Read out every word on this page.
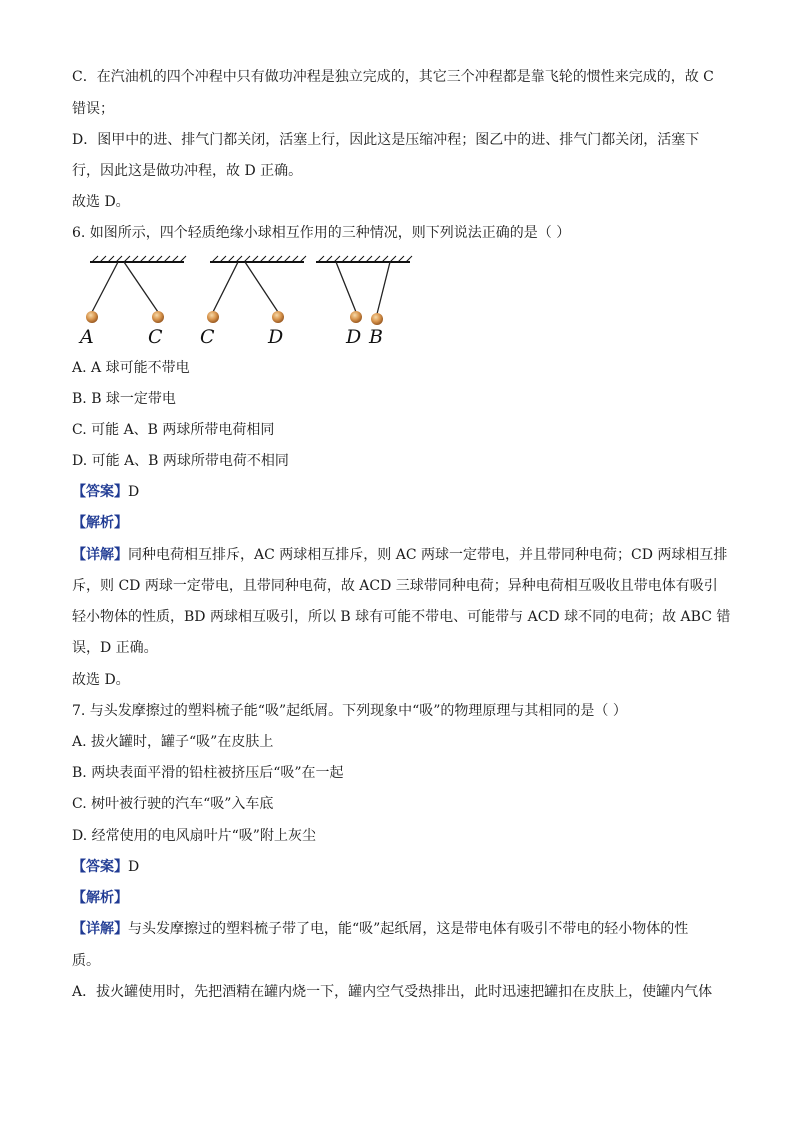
C．在汽油机的四个冲程中只有做功冲程是独立完成的，其它三个冲程都是靠飞轮的惯性来完成的，故 C
错误；
D．图甲中的进、排气门都关闭，活塞上行，因此这是压缩冲程；图乙中的进、排气门都关闭，活塞下
行，因此这是做功冲程，故 D 正确。
故选 D。
6. 如图所示，四个轻质绝缘小球相互作用的三种情况，则下列说法正确的是（ ）
A	C C	D	D B
A. A 球可能不带电
B. B 球一定带电
C. 可能 A、B 两球所带电荷相同
D. 可能 A、B 两球所带电荷不相同
【答案】D
【解析】
【详解】同种电荷相互排斥，AC 两球相互排斥，则 AC 两球一定带电，并且带同种电荷；CD 两球相互排
斥，则 CD 两球一定带电，且带同种电荷，故 ACD 三球带同种电荷；异种电荷相互吸收且带电体有吸引
轻小物体的性质，BD 两球相互吸引，所以 B 球有可能不带电、可能带与 ACD 球不同的电荷；故 ABC 错
误，D 正确。
故选 D。
7. 与头发摩擦过的塑料梳子能“吸”起纸屑。下列现象中“吸”的物理原理与其相同的是（ ）
A. 拔火罐时，罐子“吸”在皮肤上
B. 两块表面平滑的铅柱被挤压后“吸”在一起
C. 树叶被行驶的汽车“吸”入车底
D. 经常使用的电风扇叶片“吸”附上灰尘
【答案】D
【解析】
【详解】与头发摩擦过的塑料梳子带了电，能“吸”起纸屑，这是带电体有吸引不带电的轻小物体的性
质。
A．拔火罐使用时，先把酒精在罐内烧一下，罐内空气受热排出，此时迅速把罐扣在皮肤上，使罐内气体
